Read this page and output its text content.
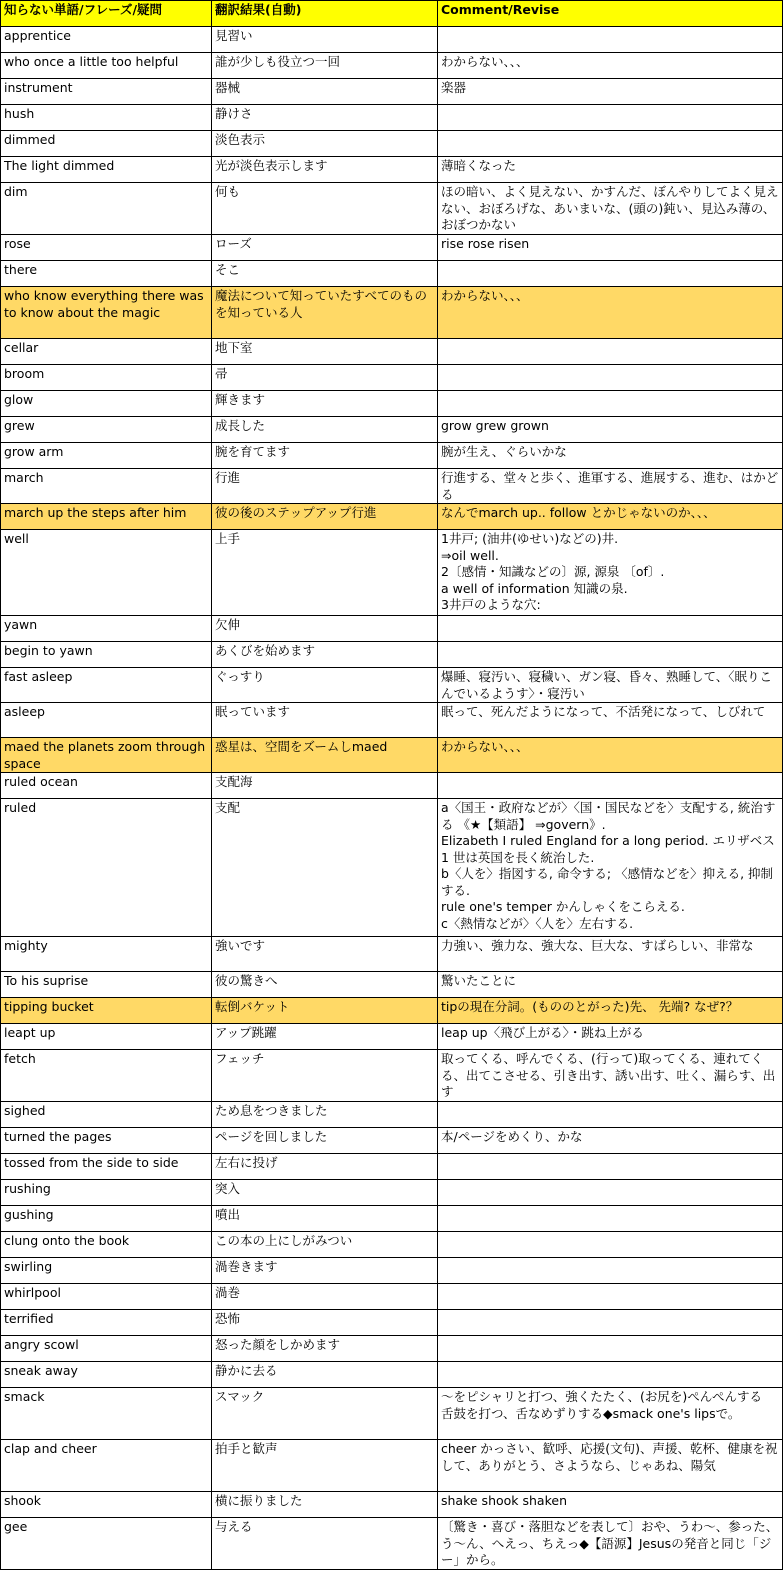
知らない単語/フレーズ/疑問	翻訳結果(自動)	Comment/Revise
apprentice	見習い	
who once a little too helpful	誰が少しも役立つ一回	わからない、、、
instrument	器械	楽器
hush	静けさ	
dimmed	淡色表示	
The light dimmed	光が淡色表示します	薄暗くなった
dim	何も	ほの暗い、よく見えない、かすんだ、ぼんやりしてよく見えない、おぼろげな、あいまいな、(頭の)鈍い、見込み薄の、おぼつかない
rose	ローズ	rise rose risen
there	そこ	
who know everything there was to know about the magic	魔法について知っていたすべてのものを知っている人	わからない、、、
cellar	地下室	
broom	帚	
glow	輝きます	
grew	成長した	grow grew grown
grow arm	腕を育てます	腕が生え、ぐらいかな
march	行進	行進する、堂々と歩く、進軍する、進展する、進む、はかどる
march up the steps after him	彼の後のステップアップ行進	なんでmarch up.. follow とかじゃないのか、、、
well	上手	1井戸; (油井(ゆせい)などの)井.
⇒oil well.
2〔感情・知識などの〕源, 源泉 〔of〕.
a well of information 知識の泉.
3井戸のような穴:
yawn	欠伸	
begin to yawn	あくびを始めます	
fast asleep	ぐっすり	爆睡、寝汚い、寝穢い、ガン寝、昏々、熟睡して、〈眠りこんでいるようす〉・寝汚い
asleep	眠っています	眠って、死んだようになって、不活発になって、しびれて
maed the planets zoom through space	惑星は、空間をズームしmaed	わからない、、、
ruled ocean	支配海	
ruled	支配	a〈国王・政府などが〉〈国・国民などを〉支配する, 統治する 《★【類語】 ⇒govern》.
Elizabeth I ruled England for a long period. エリザベス 1 世は英国を長く統治した.
b〈人を〉指図する, 命令する; 〈感情などを〉抑える, 抑制する.
rule one's temper かんしゃくをこらえる.
c〈熱情などが〉〈人を〉左右する.
mighty	強いです	力強い、強力な、強大な、巨大な、すばらしい、非常な
To his suprise	彼の驚きへ	驚いたことに
tipping bucket	転倒バケット	tipの現在分詞。(もののとがった)先、 先端? なぜ?？
leapt up	アップ跳躍	leap up〈飛び上がる〉・跳ね上がる
fetch	フェッチ	取ってくる、呼んでくる、(行って)取ってくる、連れてくる、出てこさせる、引き出す、誘い出す、吐く、漏らす、出す
sighed	ため息をつきました	
turned the pages	ページを回しました	本/ページをめくり、かな
tossed from the side to side	左右に投げ	
rushing	突入	
gushing	噴出	
clung onto the book	この本の上にしがみつい	
swirling	渦巻きます	
whirlpool	渦巻	
terrified	恐怖	
angry scowl	怒った顔をしかめます	
sneak away	静かに去る	
smack	スマック	～をピシャリと打つ、強くたたく、(お尻を)ぺんぺんする
舌鼓を打つ、舌なめずりする◆smack one's lipsで。
clap and cheer	拍手と歓声	cheer かっさい、歓呼、応援(文句)、声援、乾杯、健康を祝して、ありがとう、さようなら、じゃあね、陽気
shook	横に振りました	shake shook shaken
gee	与える	〔驚き・喜び・落胆などを表して〕おや、うわ～、参った、う～ん、へえっ、ちえっ◆【語源】Jesusの発音と同じ「ジー」から。
